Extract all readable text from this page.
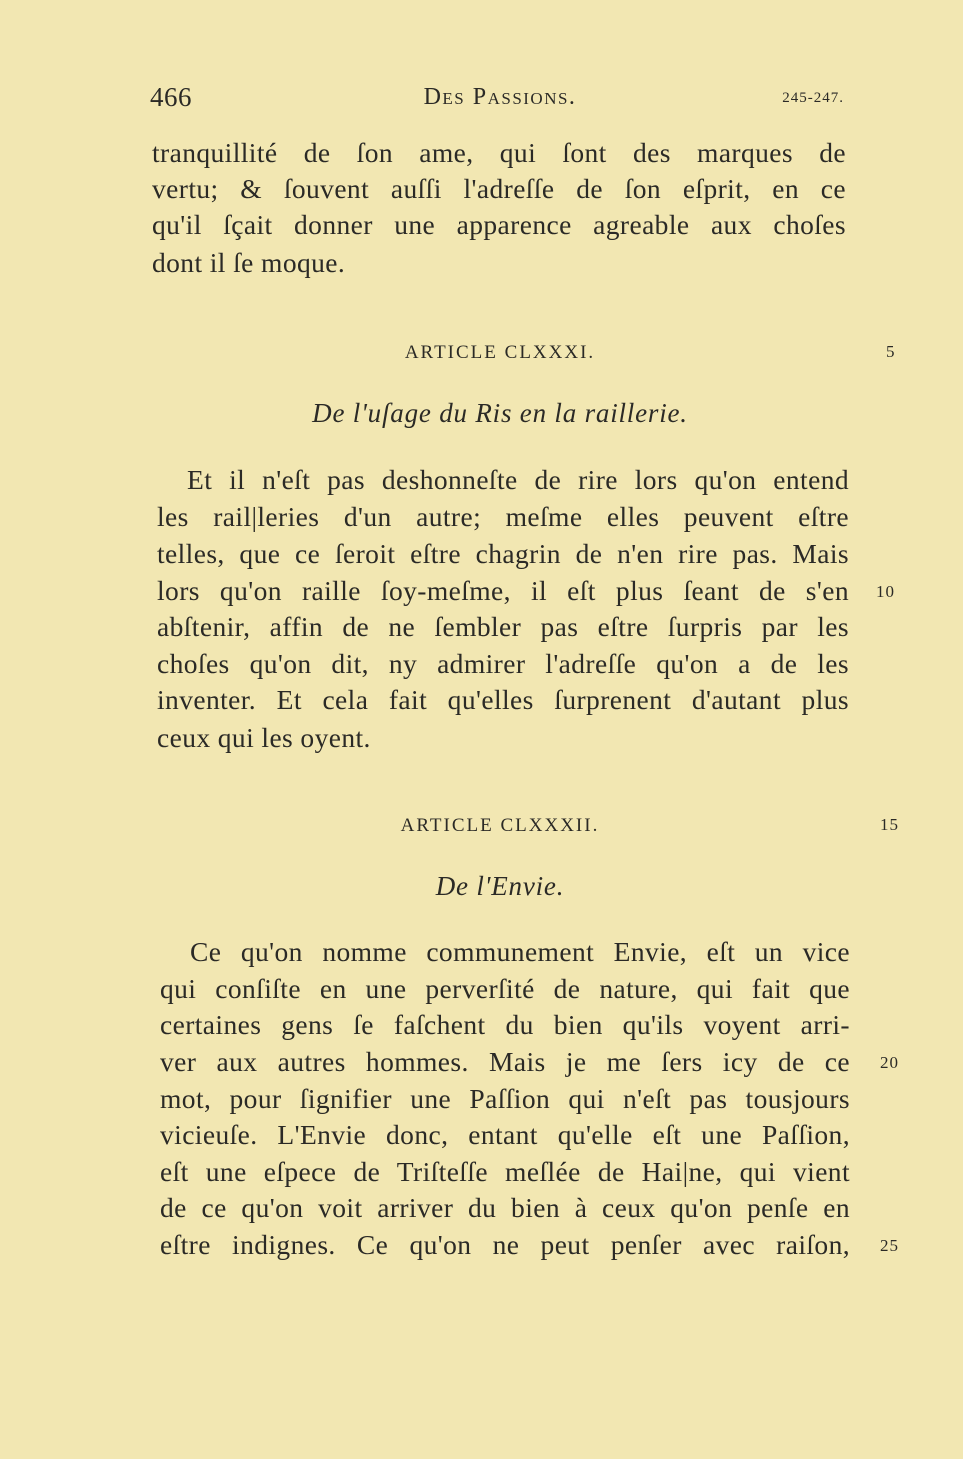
466	Des Passions.	245-247.
tranquillité de ſon ame, qui ſont des marques de
vertu; & ſouvent auſſi l'adreſſe de ſon eſprit, en ce
qu'il ſçait donner une apparence agreable aux choſes
dont il ſe moque.
ARTICLE CLXXXI.	5
De l'uſage du Ris en la raillerie.
Et il n'eſt pas deshonneſte de rire lors qu'on entend
les rail|leries d'un autre; meſme elles peuvent eſtre
telles, que ce ſeroit eſtre chagrin de n'en rire pas. Mais
lors qu'on raille ſoy-meſme, il eſt plus ſeant de s'en 10
abſtenir, affin de ne ſembler pas eſtre ſurpris par les
choſes qu'on dit, ny admirer l'adreſſe qu'on a de les
inventer. Et cela fait qu'elles ſurprenent d'autant plus
ceux qui les oyent.
ARTICLE CLXXXII.	15
De l'Envie.
Ce qu'on nomme communement Envie, eſt un vice
qui conſiſte en une perverſité de nature, qui fait que
certaines gens ſe faſchent du bien qu'ils voyent arri-
ver aux autres hommes. Mais je me ſers icy de ce 20
mot, pour ſignifier une Paſſion qui n'eſt pas tousjours
vicieuſe. L'Envie donc, entant qu'elle eſt une Paſſion,
eſt une eſpece de Triſteſſe meſlée de Hai|ne, qui vient
de ce qu'on voit arriver du bien à ceux qu'on penſe en
eſtre indignes. Ce qu'on ne peut penſer avec raiſon, 25
